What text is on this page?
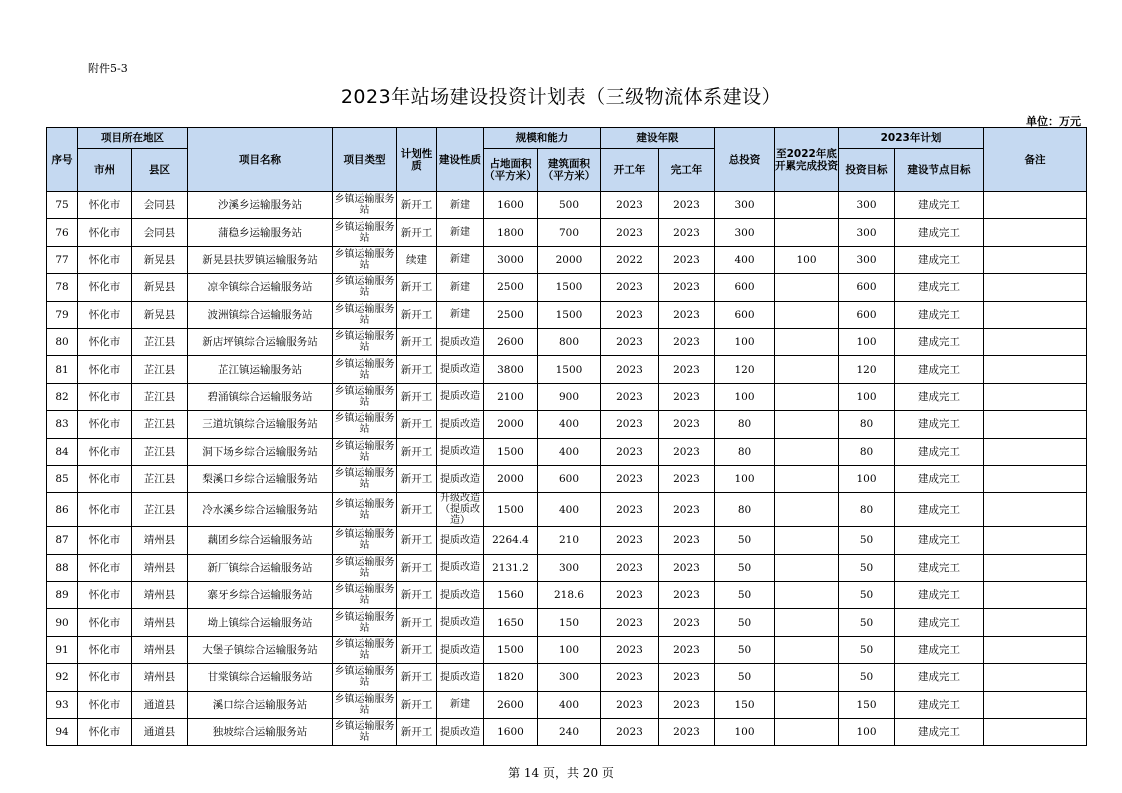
附件5-3
2023年站场建设投资计划表（三级物流体系建设）
单位：万元
序号	项目所在地区		项目名称	项目类型	计划性质	建设性质	规模和能力		建设年限		总投资	至2022年底开累完成投资	2023年计划		备注
	市州	县区					占地面积（平方米）	建筑面积（平方米）	开工年	完工年			投资目标	建设节点目标	
75	怀化市	会同县	沙溪乡运输服务站	乡镇运输服务站	新开工	新建	1600	500	2023	2023	300		300	建成完工	
76	怀化市	会同县	蒲稳乡运输服务站	乡镇运输服务站	新开工	新建	1800	700	2023	2023	300		300	建成完工	
77	怀化市	新晃县	新晃县扶罗镇运输服务站	乡镇运输服务站	续建	新建	3000	2000	2022	2023	400	100	300	建成完工	
78	怀化市	新晃县	凉伞镇综合运输服务站	乡镇运输服务站	新开工	新建	2500	1500	2023	2023	600		600	建成完工	
79	怀化市	新晃县	波洲镇综合运输服务站	乡镇运输服务站	新开工	新建	2500	1500	2023	2023	600		600	建成完工	
80	怀化市	芷江县	新店坪镇综合运输服务站	乡镇运输服务站	新开工	提质改造	2600	800	2023	2023	100		100	建成完工	
81	怀化市	芷江县	芷江镇运输服务站	乡镇运输服务站	新开工	提质改造	3800	1500	2023	2023	120		120	建成完工	
82	怀化市	芷江县	碧涌镇综合运输服务站	乡镇运输服务站	新开工	提质改造	2100	900	2023	2023	100		100	建成完工	
83	怀化市	芷江县	三道坑镇综合运输服务站	乡镇运输服务站	新开工	提质改造	2000	400	2023	2023	80		80	建成完工	
84	怀化市	芷江县	洞下场乡综合运输服务站	乡镇运输服务站	新开工	提质改造	1500	400	2023	2023	80		80	建成完工	
85	怀化市	芷江县	梨溪口乡综合运输服务站	乡镇运输服务站	新开工	提质改造	2000	600	2023	2023	100		100	建成完工	
86	怀化市	芷江县	冷水溪乡综合运输服务站	乡镇运输服务站	新开工	升级改造（提质改造）	1500	400	2023	2023	80		80	建成完工	
87	怀化市	靖州县	藕团乡综合运输服务站	乡镇运输服务站	新开工	提质改造	2264.4	210	2023	2023	50		50	建成完工	
88	怀化市	靖州县	新厂镇综合运输服务站	乡镇运输服务站	新开工	提质改造	2131.2	300	2023	2023	50		50	建成完工	
89	怀化市	靖州县	寨牙乡综合运输服务站	乡镇运输服务站	新开工	提质改造	1560	218.6	2023	2023	50		50	建成完工	
90	怀化市	靖州县	坳上镇综合运输服务站	乡镇运输服务站	新开工	提质改造	1650	150	2023	2023	50		50	建成完工	
91	怀化市	靖州县	大堡子镇综合运输服务站	乡镇运输服务站	新开工	提质改造	1500	100	2023	2023	50		50	建成完工	
92	怀化市	靖州县	甘棠镇综合运输服务站	乡镇运输服务站	新开工	提质改造	1820	300	2023	2023	50		50	建成完工	
93	怀化市	通道县	溪口综合运输服务站	乡镇运输服务站	新开工	新建	2600	400	2023	2023	150		150	建成完工	
94	怀化市	通道县	独坡综合运输服务站	乡镇运输服务站	新开工	提质改造	1600	240	2023	2023	100		100	建成完工	
第 14 页，共 20 页
